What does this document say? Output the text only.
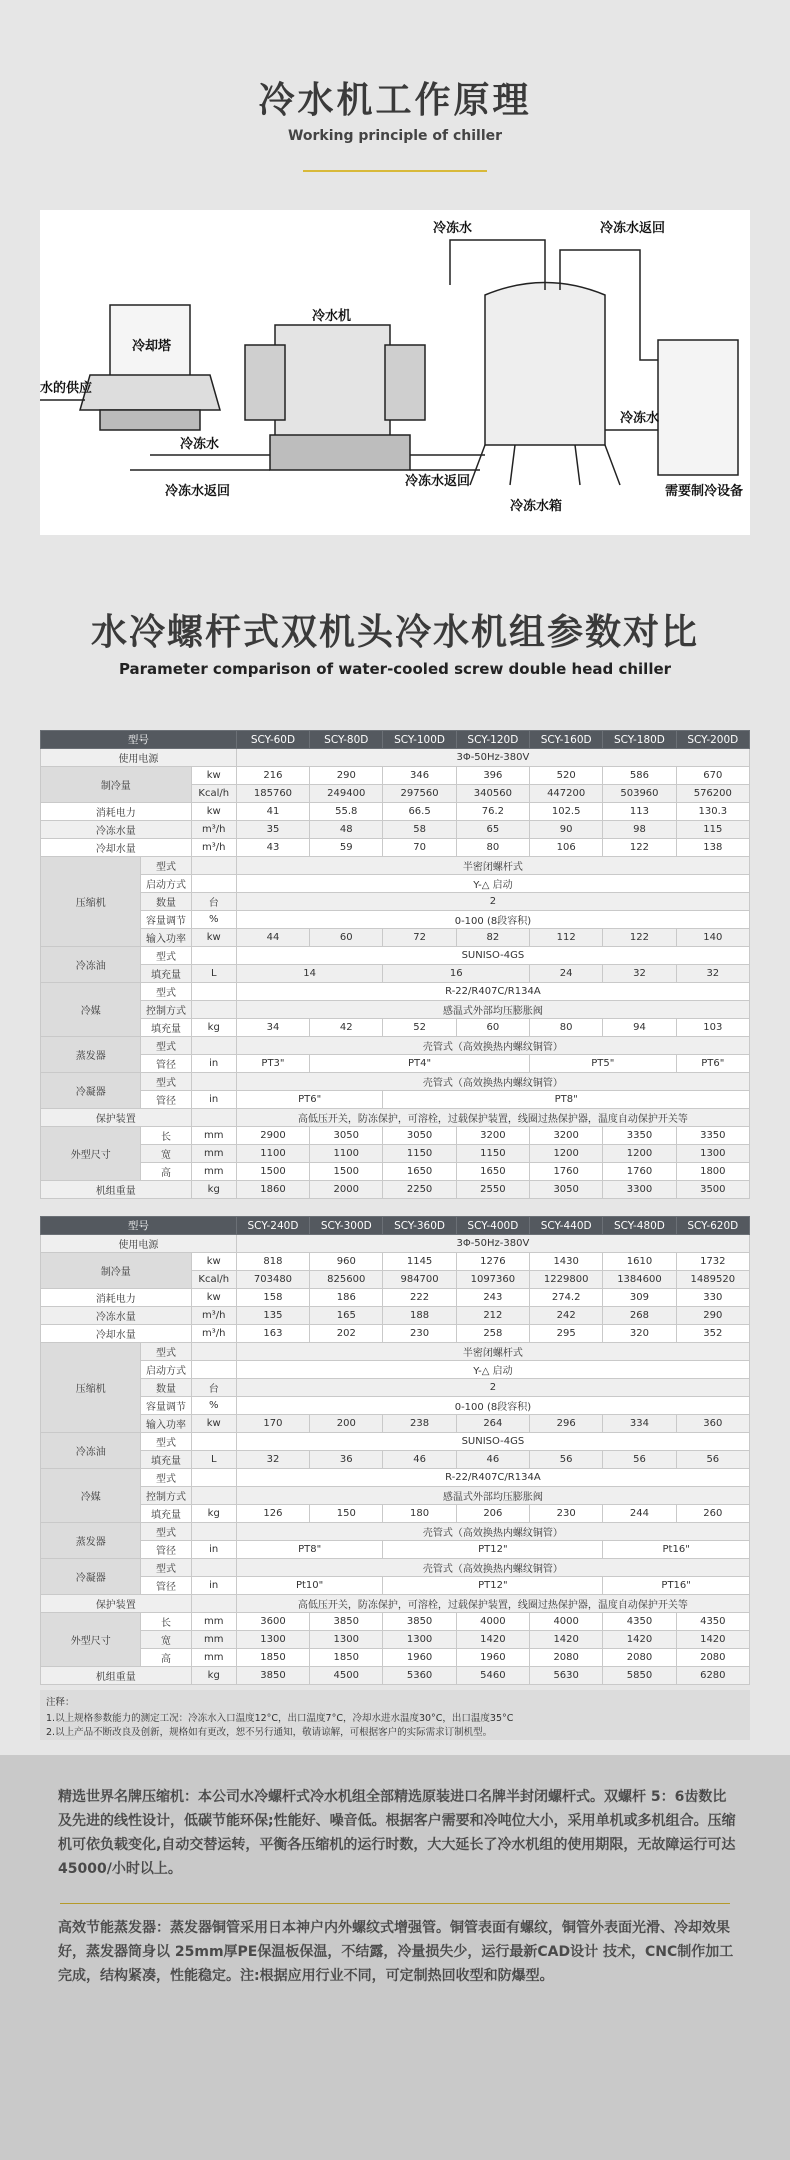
冷水机工作原理
Working principle of chiller
冷冻水	冷冻水返回
冷水机
冷却塔
水的供应
冷冻水
冷冻水返回
冷冻水返回
冷冻水箱
冷冻水
需要制冷设备
水冷螺杆式双机头冷水机组参数对比
Parameter comparison of water-cooled screw double head chiller
型号			SCY-60D	SCY-80D	SCY-100D	SCY-120D	SCY-160D	SCY-180D	SCY-200D
使用电源			3Φ-50Hz-380V						
制冷量		kw	216	290	346	396	520	586	670
		Kcal/h	185760	249400	297560	340560	447200	503960	576200
消耗电力		kw	41	55.8	66.5	76.2	102.5	113	130.3
冷冻水量		m³/h	35	48	58	65	90	98	115
冷却水量		m³/h	43	59	70	80	106	122	138
压缩机	型式		半密闭螺杆式						
	启动方式		Y-△ 启动						
	数量	台	2						
	容量调节	%	0-100 (8段容积)						
	输入功率	kw	44	60	72	82	112	122	140
冷冻油	型式		SUNISO-4GS						
	填充量	L	14		16		24	32	32
冷媒	型式		R-22/R407C/R134A						
	控制方式		感温式外部均压膨胀阀						
	填充量	kg	34	42	52	60	80	94	103
蒸发器	型式		壳管式（高效换热内螺纹铜管）						
	管径	in	PT3"	PT4"			PT5"		PT6"
冷凝器	型式		壳管式（高效换热内螺纹铜管）						
	管径	in	PT6"		PT8"				
保护装置			高低压开关，防冻保护，可溶栓，过载保护装置，线圈过热保护器，温度自动保护开关等						
外型尺寸	长	mm	2900	3050	3050	3200	3200	3350	3350
	宽	mm	1100	1100	1150	1150	1200	1200	1300
	高	mm	1500	1500	1650	1650	1760	1760	1800
机组重量		kg	1860	2000	2250	2550	3050	3300	3500
型号			SCY-240D	SCY-300D	SCY-360D	SCY-400D	SCY-440D	SCY-480D	SCY-620D
使用电源			3Φ-50Hz-380V						
制冷量		kw	818	960	1145	1276	1430	1610	1732
		Kcal/h	703480	825600	984700	1097360	1229800	1384600	1489520
消耗电力		kw	158	186	222	243	274.2	309	330
冷冻水量		m³/h	135	165	188	212	242	268	290
冷却水量		m³/h	163	202	230	258	295	320	352
压缩机	型式		半密闭螺杆式						
	启动方式		Y-△ 启动						
	数量	台	2						
	容量调节	%	0-100 (8段容积)						
	输入功率	kw	170	200	238	264	296	334	360
冷冻油	型式		SUNISO-4GS						
	填充量	L	32	36	46	46	56	56	56
冷媒	型式		R-22/R407C/R134A						
	控制方式		感温式外部均压膨胀阀						
	填充量	kg	126	150	180	206	230	244	260
蒸发器	型式		壳管式（高效换热内螺纹铜管）						
	管径	in	PT8"		PT12"			Pt16"	
冷凝器	型式		壳管式（高效换热内螺纹铜管）						
	管径	in	Pt10"		PT12"			PT16"	
保护装置			高低压开关，防冻保护，可溶栓，过载保护装置，线圈过热保护器，温度自动保护开关等						
外型尺寸	长	mm	3600	3850	3850	4000	4000	4350	4350
	宽	mm	1300	1300	1300	1420	1420	1420	1420
	高	mm	1850	1850	1960	1960	2080	2080	2080
机组重量		kg	3850	4500	5360	5460	5630	5850	6280
注释：
1.以上规格参数能力的测定工况：冷冻水入口温度12°C，出口温度7°C，冷却水进水温度30°C，出口温度35°C
2.以上产品不断改良及创新，规格如有更改，恕不另行通知，敬请谅解，可根据客户的实际需求订制机型。
精选世界名牌压缩机：本公司水冷螺杆式冷水机组全部精选原装进口名牌半封闭螺杆式。双螺杆 5：6齿数比及先进的线性设计，低碳节能环保;性能好、噪音低。根据客户需要和冷吨位大小，采用单机或多机组合。压缩机可依负载变化,自动交替运转，平衡各压缩机的运行时数，大大延长了冷水机组的使用期限，无故障运行可达45000/小时以上。
高效节能蒸发器：蒸发器铜管采用日本神户内外螺纹式增强管。铜管表面有螺纹，铜管外表面光滑、冷却效果好，蒸发器筒身以 25mm厚PE保温板保温，不结露，冷量损失少，运行最新CAD设计 技术，CNC制作加工完成，结构紧凑，性能稳定。注:根据应用行业不同，可定制热回收型和防爆型。
